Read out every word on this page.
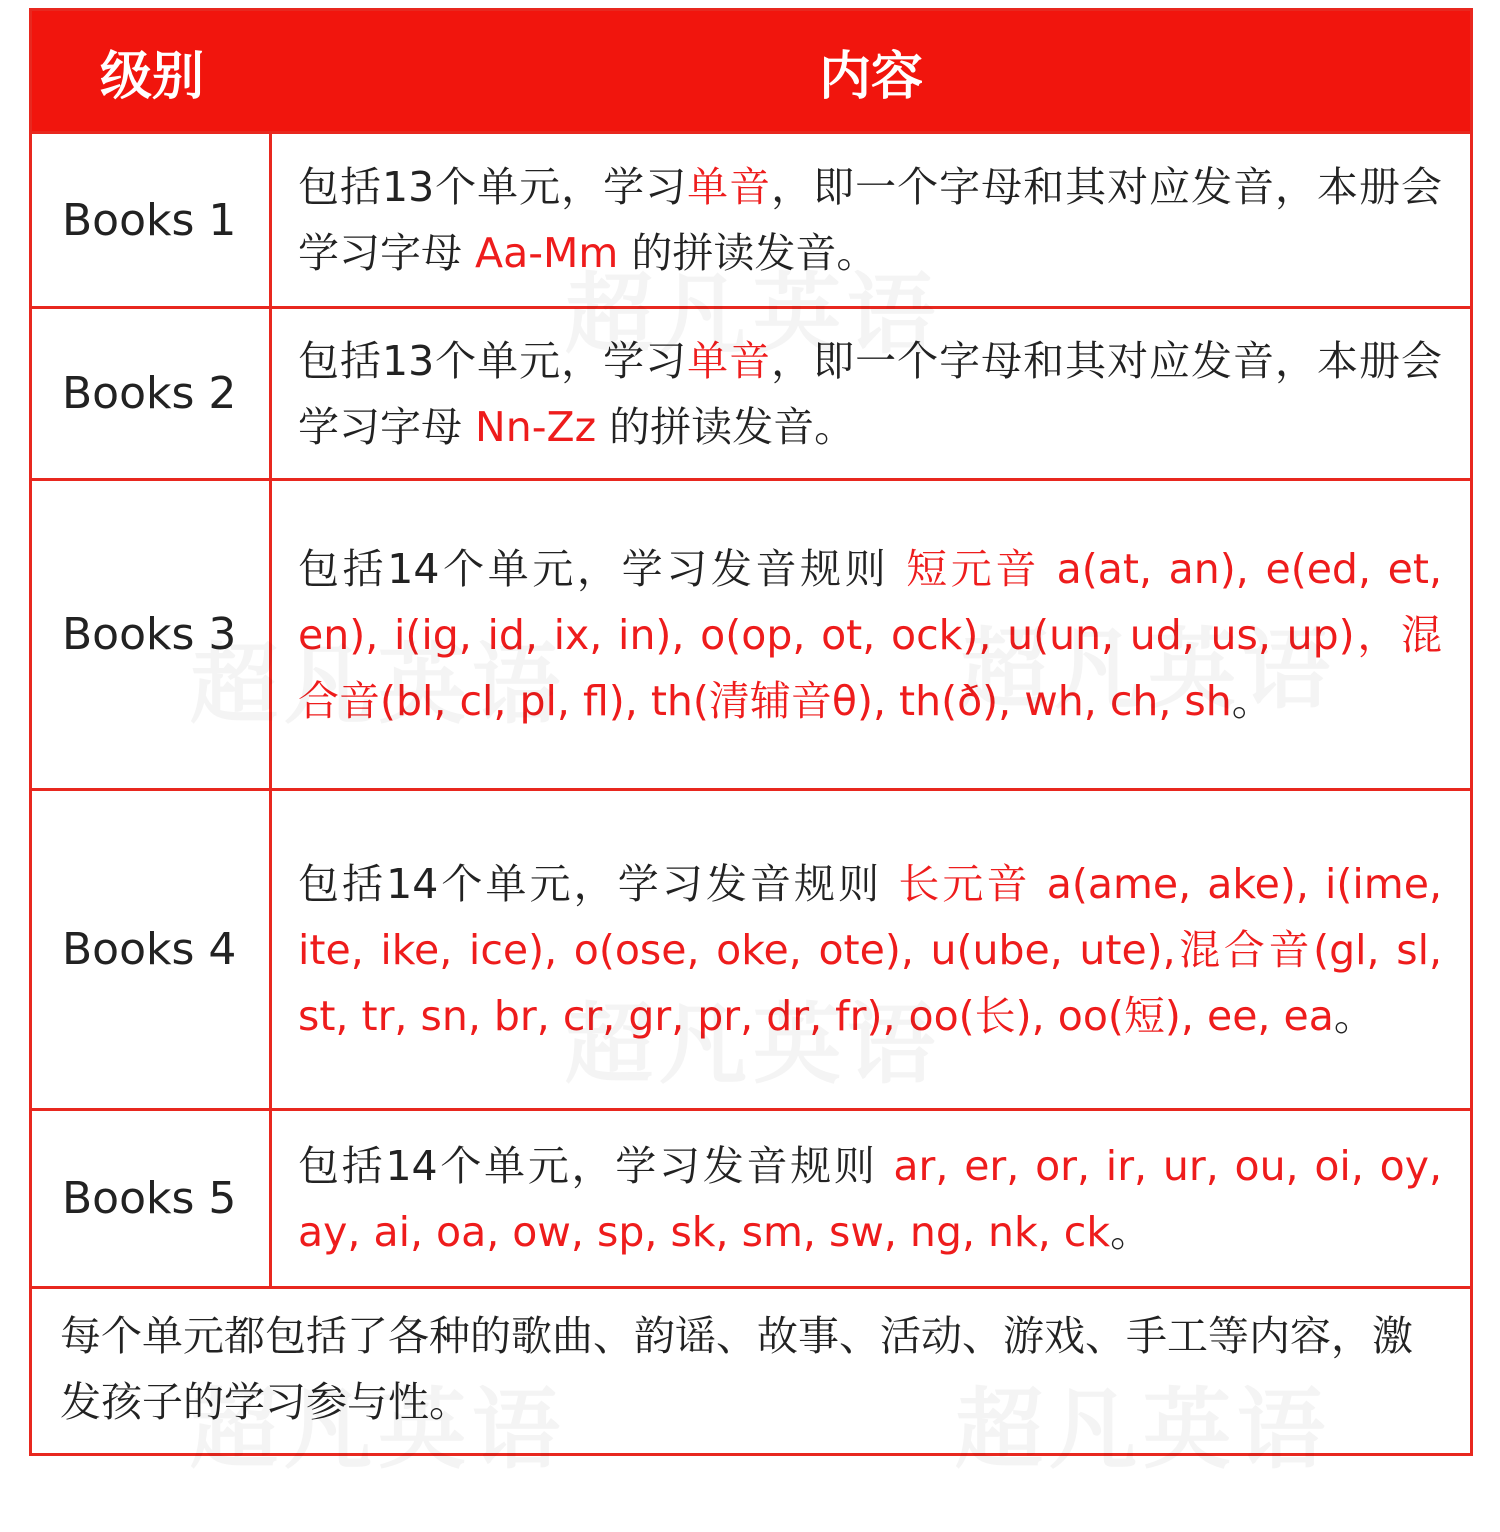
级别	内容
Books 1
包括13个单元，学习单音，即一个字母和其对应发音，本册会学习字母 Aa-Mm 的拼读发音。
Books 2
包括13个单元，学习单音，即一个字母和其对应发音，本册会学习字母 Nn-Zz 的拼读发音。
Books 3
包括14个单元，学习发音规则 短元音 a(at, an), e(ed, et, en), i(ig, id, ix, in), o(op, ot, ock), u(un, ud, us, up)，混合音(bl, cl, pl, fl), th(清辅音θ), th(ð), wh, ch, sh。
Books 4
包括14个单元，学习发音规则 长元音 a(ame, ake), i(ime, ite, ike, ice), o(ose, oke, ote), u(ube, ute),混合音(gl, sl, st, tr, sn, br, cr, gr, pr, dr, fr), oo(长), oo(短), ee, ea。
Books 5
包括14个单元，学习发音规则 ar, er, or, ir, ur, ou, oi, oy, ay, ai, oa, ow, sp, sk, sm, sw, ng, nk, ck。
每个单元都包括了各种的歌曲、韵谣、故事、活动、游戏、手工等内容，激发孩子的学习参与性。
